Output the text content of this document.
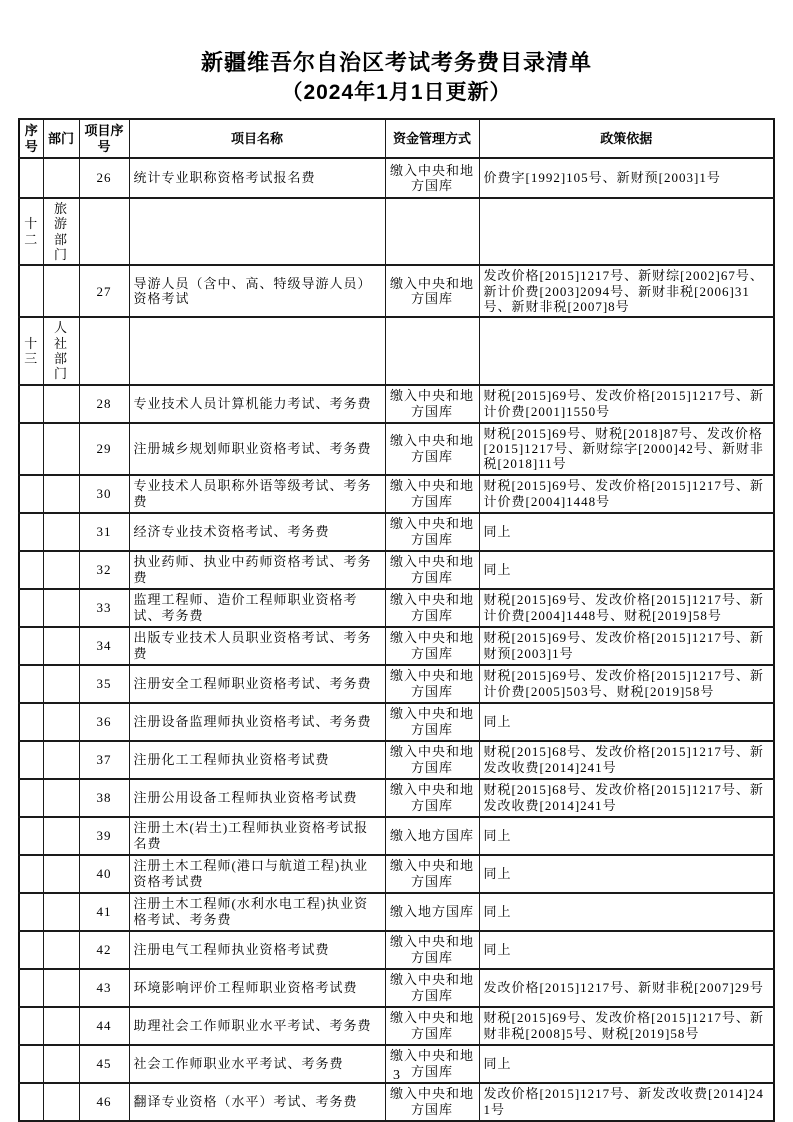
新疆维吾尔自治区考试考务费目录清单
（2024年1月1日更新）
序号	部门	项目序号	项目名称	资金管理方式	政策依据
		26	统计专业职称资格考试报名费	缴入中央和地方国库	价费字[1992]105号、新财预[2003]1号
十二	旅游部门				
		27	导游人员（含中、高、特级导游人员）资格考试	缴入中央和地方国库	发改价格[2015]1217号、新财综[2002]67号、新计价费[2003]2094号、新财非税[2006]31号、新财非税[2007]8号
十三	人社部门				
		28	专业技术人员计算机能力考试、考务费	缴入中央和地方国库	财税[2015]69号、发改价格[2015]1217号、新计价费[2001]1550号
		29	注册城乡规划师职业资格考试、考务费	缴入中央和地方国库	财税[2015]69号、财税[2018]87号、发改价格[2015]1217号、新财综字[2000]42号、新财非税[2018]11号
		30	专业技术人员职称外语等级考试、考务费	缴入中央和地方国库	财税[2015]69号、发改价格[2015]1217号、新计价费[2004]1448号
		31	经济专业技术资格考试、考务费	缴入中央和地方国库	同上
		32	执业药师、执业中药师资格考试、考务费	缴入中央和地方国库	同上
		33	监理工程师、造价工程师职业资格考试、考务费	缴入中央和地方国库	财税[2015]69号、发改价格[2015]1217号、新计价费[2004]1448号、财税[2019]58号
		34	出版专业技术人员职业资格考试、考务费	缴入中央和地方国库	财税[2015]69号、发改价格[2015]1217号、新财预[2003]1号
		35	注册安全工程师职业资格考试、考务费	缴入中央和地方国库	财税[2015]69号、发改价格[2015]1217号、新计价费[2005]503号、财税[2019]58号
		36	注册设备监理师执业资格考试、考务费	缴入中央和地方国库	同上
		37	注册化工工程师执业资格考试费	缴入中央和地方国库	财税[2015]68号、发改价格[2015]1217号、新发改收费[2014]241号
		38	注册公用设备工程师执业资格考试费	缴入中央和地方国库	财税[2015]68号、发改价格[2015]1217号、新发改收费[2014]241号
		39	注册土木(岩土)工程师执业资格考试报名费	缴入地方国库	同上
		40	注册土木工程师(港口与航道工程)执业资格考试费	缴入中央和地方国库	同上
		41	注册土木工程师(水利水电工程)执业资格考试、考务费	缴入地方国库	同上
		42	注册电气工程师执业资格考试费	缴入中央和地方国库	同上
		43	环境影响评价工程师职业资格考试费	缴入中央和地方国库	发改价格[2015]1217号、新财非税[2007]29号
		44	助理社会工作师职业水平考试、考务费	缴入中央和地方国库	财税[2015]69号、发改价格[2015]1217号、新财非税[2008]5号、财税[2019]58号
		45	社会工作师职业水平考试、考务费	缴入中央和地方国库	同上
		46	翻译专业资格（水平）考试、考务费	缴入中央和地方国库	发改价格[2015]1217号、新发改收费[2014]241号
3
